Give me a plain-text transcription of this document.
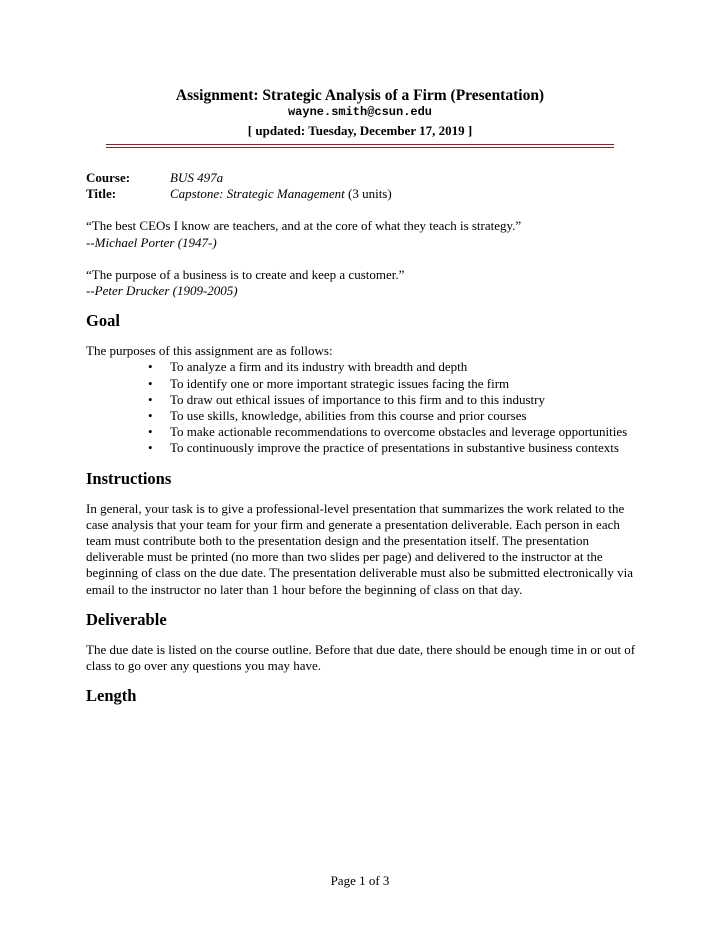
Assignment: Strategic Analysis of a Firm (Presentation)
wayne.smith@csun.edu
[ updated: Tuesday, December 17, 2019 ]
Course:	BUS 497a
Title:	Capstone: Strategic Management (3 units)
“The best CEOs I know are teachers, and at the core of what they teach is strategy.”
--Michael Porter (1947-)
“The purpose of a business is to create and keep a customer.”
--Peter Drucker (1909-2005)
Goal
The purposes of this assignment are as follows:
• To analyze a firm and its industry with breadth and depth
• To identify one or more important strategic issues facing the firm
• To draw out ethical issues of importance to this firm and to this industry
• To use skills, knowledge, abilities from this course and prior courses
• To make actionable recommendations to overcome obstacles and leverage opportunities
• To continuously improve the practice of presentations in substantive business contexts
Instructions
In general, your task is to give a professional-level presentation that summarizes the work related to the case analysis that your team for your firm and generate a presentation deliverable. Each person in each team must contribute both to the presentation design and the presentation itself. The presentation deliverable must be printed (no more than two slides per page) and delivered to the instructor at the beginning of class on the due date. The presentation deliverable must also be submitted electronically via email to the instructor no later than 1 hour before the beginning of class on that day.
Deliverable
The due date is listed on the course outline. Before that due date, there should be enough time in or out of class to go over any questions you may have.
Length
Page 1 of 3
